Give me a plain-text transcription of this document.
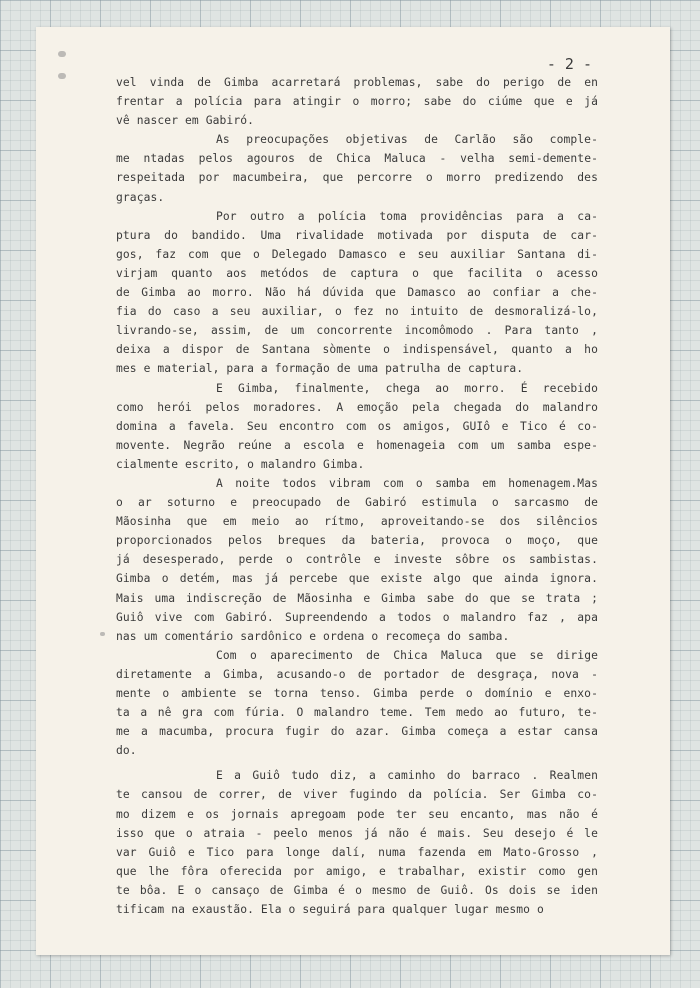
- 2 -
vel vinda de Gimba acarretará problemas, sabe do perigo de en
frentar a polícia para atingir o morro; sabe do ciúme que e já
vê nascer em Gabiró.
As preocupações objetivas de Carlão são comple-
me ntadas pelos agouros de Chica Maluca - velha semi-demente-
respeitada por macumbeira, que percorre o morro predizendo des
graças.
Por outro a polícia toma providências para a ca-
ptura do bandido. Uma rivalidade motivada por disputa de car-
gos, faz com que o Delegado Damasco e seu auxiliar Santana di-
virjam quanto aos metódos de captura o que facilita o acesso
de Gimba ao morro. Não há dúvida que Damasco ao confiar a che-
fia do caso a seu auxiliar, o fez no intuito de desmoralizá-lo,
livrando-se, assim, de um concorrente incomômodo . Para tanto ,
deixa a dispor de Santana sòmente o indispensável, quanto a ho
mes e material, para a formação de uma patrulha de captura.
E Gimba, finalmente, chega ao morro. É recebido
como herói pelos moradores. A emoção pela chegada do malandro
domina a favela. Seu encontro com os amigos, GUIô e Tico é co-
movente. Negrão reúne a escola e homenageia com um samba espe-
cialmente escrito, o malandro Gimba.
A noite todos vibram com o samba em homenagem.Mas
o ar soturno e preocupado de Gabiró estimula o sarcasmo de
Mãosinha que em meio ao rítmo, aproveitando-se dos silêncios
proporcionados pelos breques da bateria, provoca o moço, que
já desesperado, perde o contrôle e investe sôbre os sambistas.
Gimba o detém, mas já percebe que existe algo que ainda ignora.
Mais uma indiscreção de Mãosinha e Gimba sabe do que se trata ;
Guiô vive com Gabiró. Supreendendo a todos o malandro faz , apa
nas um comentário sardônico e ordena o recomeça do samba.
Com o aparecimento de Chica Maluca que se dirige
diretamente a Gimba, acusando-o de portador de desgraça, nova -
mente o ambiente se torna tenso. Gimba perde o domínio e enxo-
ta a nê gra com fúria. O malandro teme. Tem medo ao futuro, te-
me a macumba, procura fugir do azar. Gimba começa a estar cansa
do.
E a Guiô tudo diz, a caminho do barraco . Realmen
te cansou de correr, de viver fugindo da polícia. Ser Gimba co-
mo dizem e os jornais apregoam pode ter seu encanto, mas não é
isso que o atraia - peelo menos já não é mais. Seu desejo é le
var Guiô e Tico para longe dalí, numa fazenda em Mato-Grosso ,
que lhe fôra oferecida por amigo, e trabalhar, existir como gen
te bôa. E o cansaço de Gimba é o mesmo de Guiô. Os dois se iden
tificam na exaustão. Ela o seguirá para qualquer lugar mesmo o
